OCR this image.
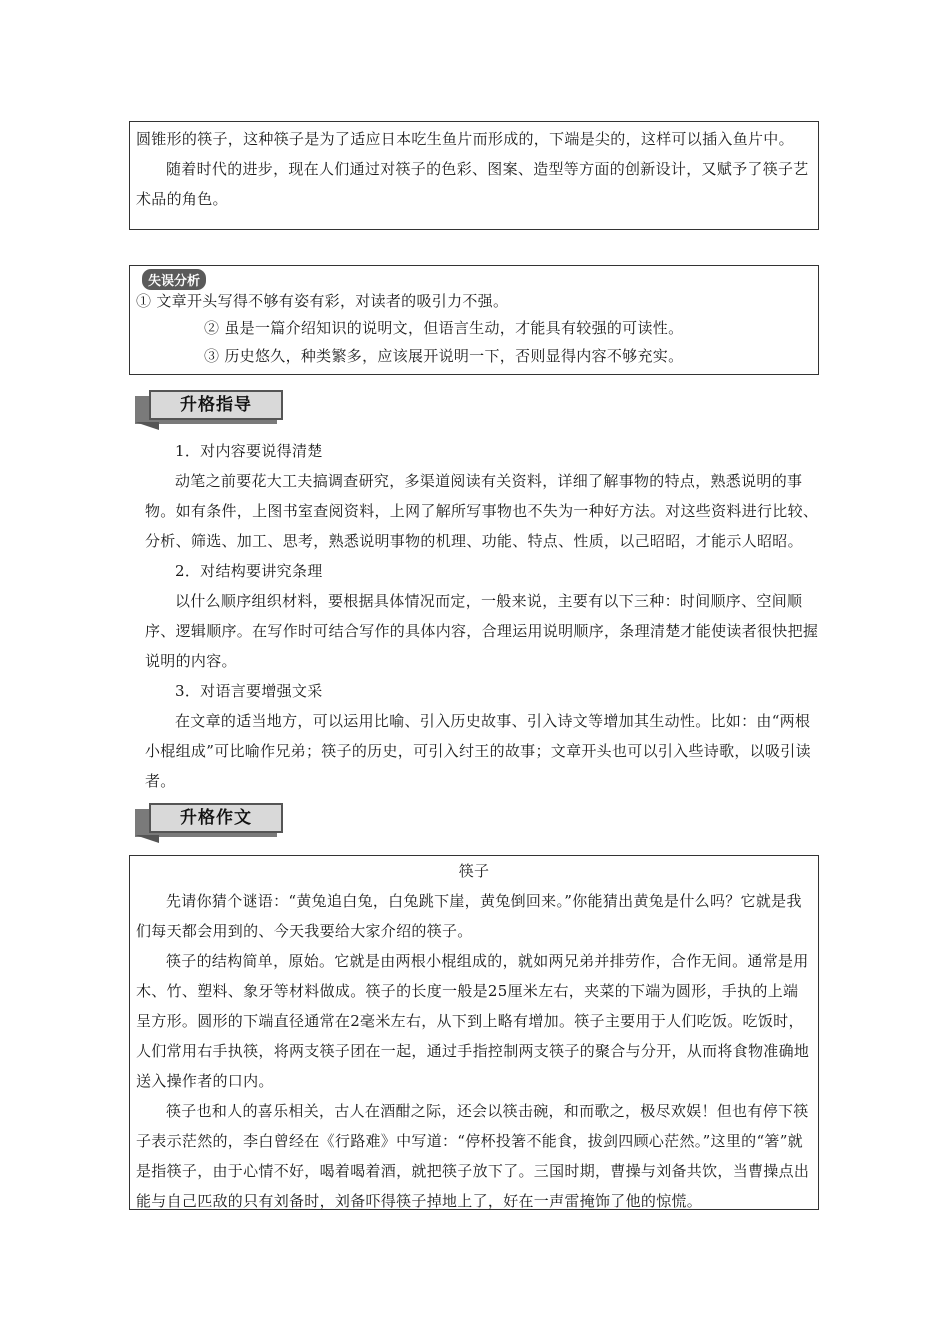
圆锥形的筷子，这种筷子是为了适应日本吃生鱼片而形成的，下端是尖的，这样可以插入鱼片中。

随着时代的进步，现在人们通过对筷子的色彩、图案、造型等方面的创新设计，又赋予了筷子艺术品的角色。

失误分析

① 文章开头写得不够有姿有彩，对读者的吸引力不强。

② 虽是一篇介绍知识的说明文，但语言生动，才能具有较强的可读性。

③ 历史悠久，种类繁多，应该展开说明一下，否则显得内容不够充实。

升格指导

1．对内容要说得清楚

动笔之前要花大工夫搞调查研究，多渠道阅读有关资料，详细了解事物的特点，熟悉说明的事物。如有条件，上图书室查阅资料，上网了解所写事物也不失为一种好方法。对这些资料进行比较、分析、筛选、加工、思考，熟悉说明事物的机理、功能、特点、性质，以己昭昭，才能示人昭昭。

2．对结构要讲究条理

以什么顺序组织材料，要根据具体情况而定，一般来说，主要有以下三种：时间顺序、空间顺序、逻辑顺序。在写作时可结合写作的具体内容，合理运用说明顺序，条理清楚才能使读者很快把握说明的内容。

3．对语言要增强文采

在文章的适当地方，可以运用比喻、引入历史故事、引入诗文等增加其生动性。比如：由“两根小棍组成”可比喻作兄弟；筷子的历史，可引入纣王的故事；文章开头也可以引入些诗歌，以吸引读者。

升格作文

筷子

先请你猜个谜语：“黄兔追白兔，白兔跳下崖，黄兔倒回来。”你能猜出黄兔是什么吗？它就是我们每天都会用到的、今天我要给大家介绍的筷子。

筷子的结构简单，原始。它就是由两根小棍组成的，就如两兄弟并排劳作，合作无间。通常是用木、竹、塑料、象牙等材料做成。筷子的长度一般是25厘米左右，夹菜的下端为圆形，手执的上端呈方形。圆形的下端直径通常在2毫米左右，从下到上略有增加。筷子主要用于人们吃饭。吃饭时，人们常用右手执筷，将两支筷子团在一起，通过手指控制两支筷子的聚合与分开，从而将食物准确地送入操作者的口内。

筷子也和人的喜乐相关，古人在酒酣之际，还会以筷击碗，和而歌之，极尽欢娱！但也有停下筷子表示茫然的，李白曾经在《行路难》中写道：“停杯投箸不能食，拔剑四顾心茫然。”这里的“箸”就是指筷子，由于心情不好，喝着喝着酒，就把筷子放下了。三国时期，曹操与刘备共饮，当曹操点出能与自己匹敌的只有刘备时，刘备吓得筷子掉地上了，好在一声雷掩饰了他的惊慌。
